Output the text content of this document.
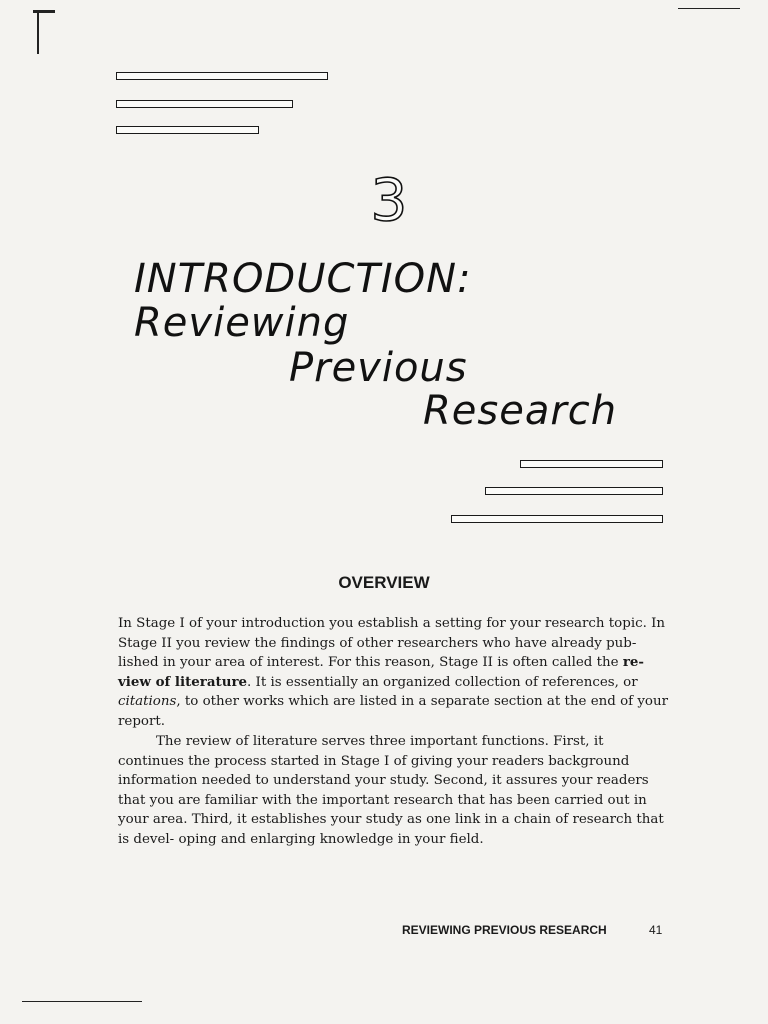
3
INTRODUCTION:
Reviewing
Previous
Research
OVERVIEW

In Stage I of your introduction you establish a setting for your research topic. In Stage II you review the findings of other researchers who have already pub- lished in your area of interest. For this reason, Stage II is often called the re- view of literature. It is essentially an organized collection of references, or citations, to other works which are listed in a separate section at the end of your report.

The review of literature serves three important functions. First, it continues the process started in Stage I of giving your readers background information needed to understand your study. Second, it assures your readers that you are familiar with the important research that has been carried out in your area. Third, it establishes your study as one link in a chain of research that is devel- oping and enlarging knowledge in your field.

REVIEWING PREVIOUS RESEARCH	41
